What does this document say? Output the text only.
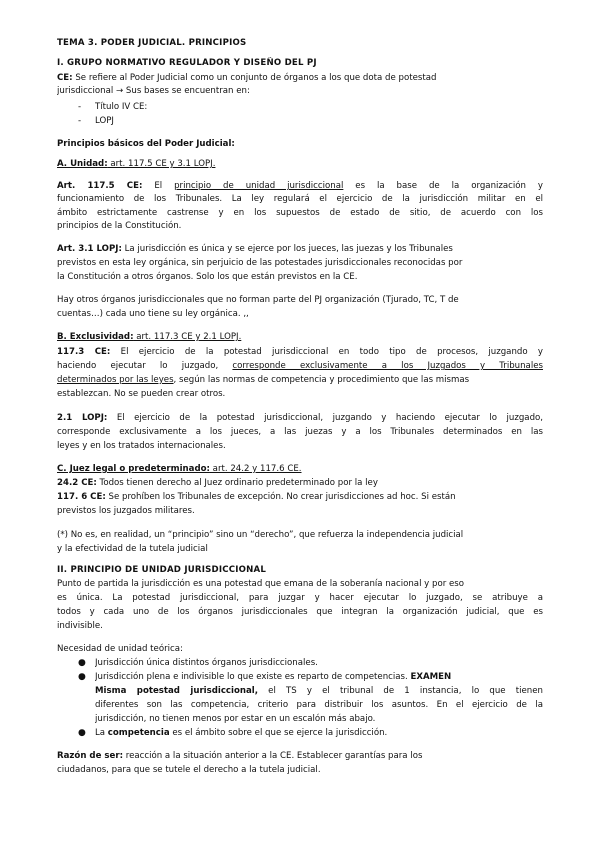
TEMA 3. PODER JUDICIAL. PRINCIPIOS
I. GRUPO NORMATIVO REGULADOR Y DISEÑO DEL PJ
CE: Se refiere al Poder Judicial como un conjunto de órganos a los que dota de potestad
jurisdiccional → Sus bases se encuentran en:
- Título IV CE:
- LOPJ
Principios básicos del Poder Judicial:
A. Unidad: art. 117.5 CE y 3.1 LOPJ.
Art. 117.5 CE: El principio de unidad jurisdiccional es la base de la organización y
funcionamiento de los Tribunales. La ley regulará el ejercicio de la jurisdicción militar en el
ámbito estrictamente castrense y en los supuestos de estado de sitio, de acuerdo con los
principios de la Constitución.
Art. 3.1 LOPJ: La jurisdicción es única y se ejerce por los jueces, las juezas y los Tribunales
previstos en esta ley orgánica, sin perjuicio de las potestades jurisdiccionales reconocidas por
la Constitución a otros órganos. Solo los que están previstos en la CE.
Hay otros órganos jurisdiccionales que no forman parte del PJ organización (Tjurado, TC, T de
cuentas…) cada uno tiene su ley orgánica. ,,
B. Exclusividad: art. 117.3 CE y 2.1 LOPJ.
117.3 CE: El ejercicio de la potestad jurisdiccional en todo tipo de procesos, juzgando y
haciendo ejecutar lo juzgado, corresponde exclusivamente a los Juzgados y Tribunales
determinados por las leyes, según las normas de competencia y procedimiento que las mismas
establezcan. No se pueden crear otros.
2.1 LOPJ: El ejercicio de la potestad jurisdiccional, juzgando y haciendo ejecutar lo juzgado,
corresponde exclusivamente a los jueces, a las juezas y a los Tribunales determinados en las
leyes y en los tratados internacionales.
C. Juez legal o predeterminado: art. 24.2 y 117.6 CE.
24.2 CE: Todos tienen derecho al Juez ordinario predeterminado por la ley
117. 6 CE: Se prohíben los Tribunales de excepción. No crear jurisdicciones ad hoc. Si están
previstos los juzgados militares.
(*) No es, en realidad, un “principio” sino un “derecho”, que refuerza la independencia judicial
y la efectividad de la tutela judicial
II. PRINCIPIO DE UNIDAD JURISDICCIONAL
Punto de partida la jurisdicción es una potestad que emana de la soberanía nacional y por eso
es única. La potestad jurisdiccional, para juzgar y hacer ejecutar lo juzgado, se atribuye a
todos y cada uno de los órganos jurisdiccionales que integran la organización judicial, que es
indivisible.
Necesidad de unidad teórica:
● Jurisdicción única distintos órganos jurisdiccionales.
● Jurisdicción plena e indivisible lo que existe es reparto de competencias. EXAMEN
Misma potestad jurisdiccional, el TS y el tribunal de 1 instancia, lo que tienen
diferentes son las competencia, criterio para distribuir los asuntos. En el ejercicio de la
jurisdicción, no tienen menos por estar en un escalón más abajo.
● La competencia es el ámbito sobre el que se ejerce la jurisdicción.
Razón de ser: reacción a la situación anterior a la CE. Establecer garantías para los
ciudadanos, para que se tutele el derecho a la tutela judicial.
